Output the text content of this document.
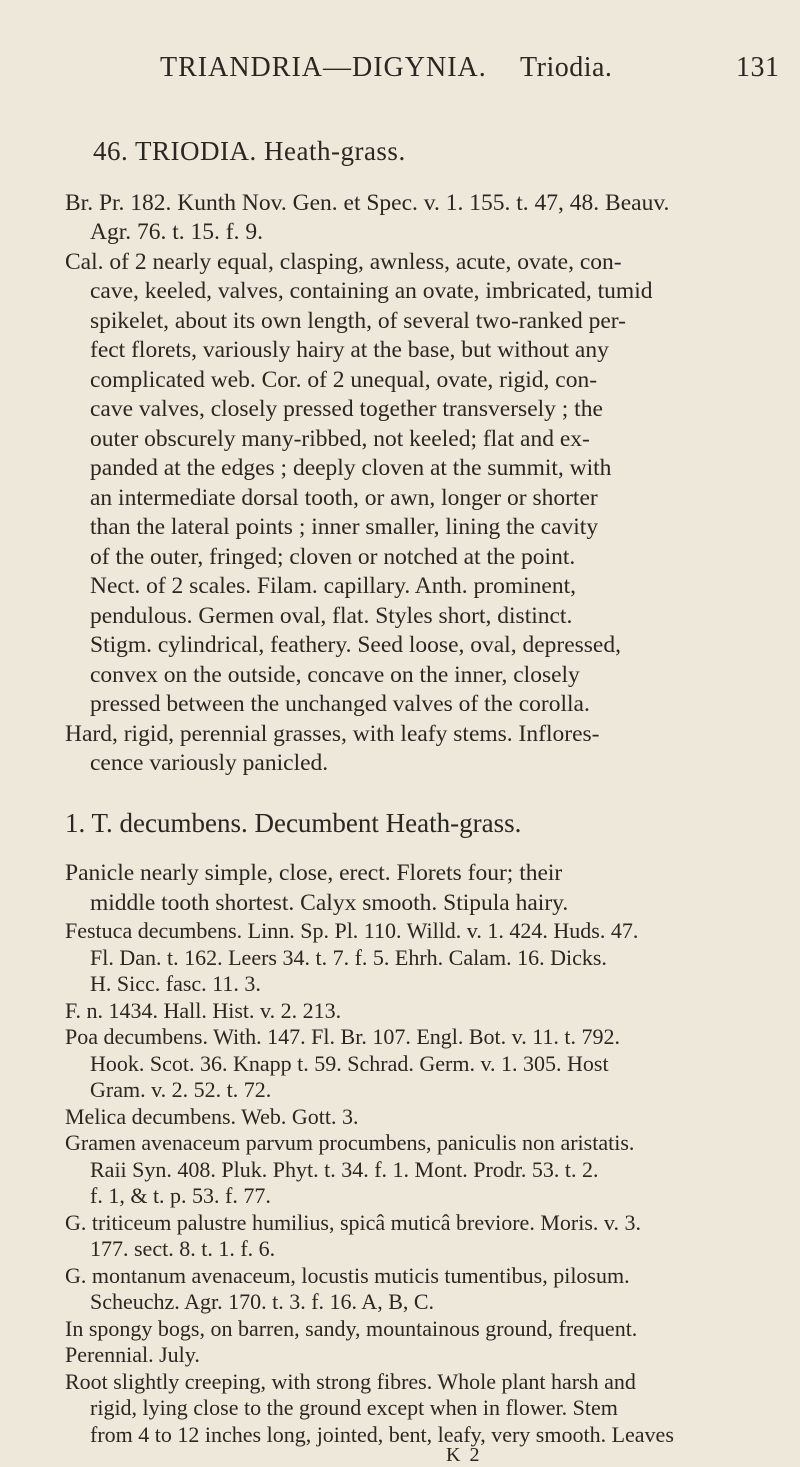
TRIANDRIA—DIGYNIA. Triodia.	131
46. TRIODIA. Heath-grass.
Br. Pr. 182. Kunth Nov. Gen. et Spec. v. 1. 155. t. 47, 48. Beauv.
Agr. 76. t. 15. f. 9.
Cal. of 2 nearly equal, clasping, awnless, acute, ovate, con-
cave, keeled, valves, containing an ovate, imbricated, tumid
spikelet, about its own length, of several two-ranked per-
fect florets, variously hairy at the base, but without any
complicated web. Cor. of 2 unequal, ovate, rigid, con-
cave valves, closely pressed together transversely ; the
outer obscurely many-ribbed, not keeled; flat and ex-
panded at the edges ; deeply cloven at the summit, with
an intermediate dorsal tooth, or awn, longer or shorter
than the lateral points ; inner smaller, lining the cavity
of the outer, fringed; cloven or notched at the point.
Nect. of 2 scales. Filam. capillary. Anth. prominent,
pendulous. Germen oval, flat. Styles short, distinct.
Stigm. cylindrical, feathery. Seed loose, oval, depressed,
convex on the outside, concave on the inner, closely
pressed between the unchanged valves of the corolla.
Hard, rigid, perennial grasses, with leafy stems. Inflores-
cence variously panicled.
1. T. decumbens. Decumbent Heath-grass.
Panicle nearly simple, close, erect. Florets four; their
middle tooth shortest. Calyx smooth. Stipula hairy.
Festuca decumbens. Linn. Sp. Pl. 110. Willd. v. 1. 424. Huds. 47.
Fl. Dan. t. 162. Leers 34. t. 7. f. 5. Ehrh. Calam. 16. Dicks.
H. Sicc. fasc. 11. 3.
F. n. 1434. Hall. Hist. v. 2. 213.
Poa decumbens. With. 147. Fl. Br. 107. Engl. Bot. v. 11. t. 792.
Hook. Scot. 36. Knapp t. 59. Schrad. Germ. v. 1. 305. Host
Gram. v. 2. 52. t. 72.
Melica decumbens. Web. Gott. 3.
Gramen avenaceum parvum procumbens, paniculis non aristatis.
Raii Syn. 408. Pluk. Phyt. t. 34. f. 1. Mont. Prodr. 53. t. 2.
f. 1, & t. p. 53. f. 77.
G. triticeum palustre humilius, spicâ muticâ breviore. Moris. v. 3.
177. sect. 8. t. 1. f. 6.
G. montanum avenaceum, locustis muticis tumentibus, pilosum.
Scheuchz. Agr. 170. t. 3. f. 16. A, B, C.
K 2
In spongy bogs, on barren, sandy, mountainous ground, frequent.
Perennial. July.
Root slightly creeping, with strong fibres. Whole plant harsh and
rigid, lying close to the ground except when in flower. Stem
from 4 to 12 inches long, jointed, bent, leafy, very smooth. Leaves
